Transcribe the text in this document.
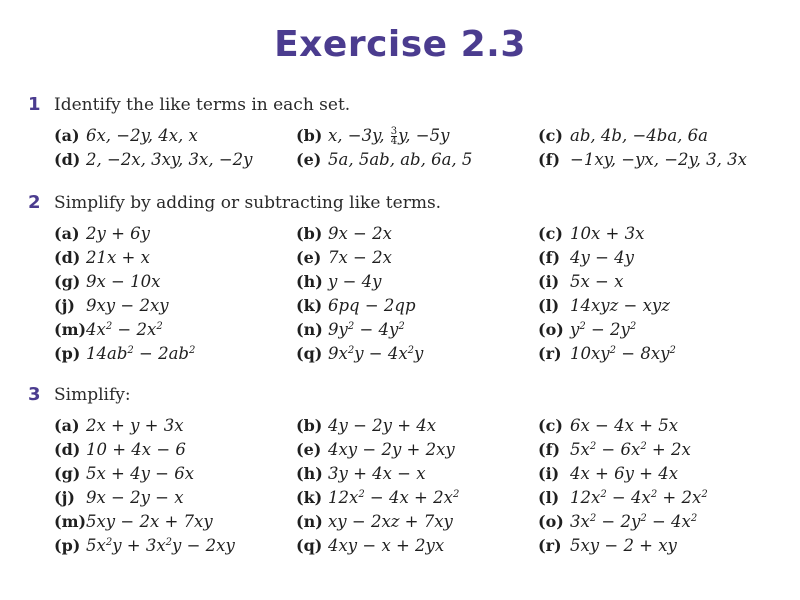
Exercise 2.3
1 Identify the like terms in each set.
(a) 6x, −2y, 4x, x	(b) x, −3y, $\frac{3}{4} y$, −5y	(c) ab, 4b, −4ba, 6a
(d) 2, −2x, 3xy, 3x, −2y	(e) 5a, 5ab, ab, 6a, 5	(f) −1xy, −yx, −2y, 3, 3x
2 Simplify by adding or subtracting like terms.
(a) 2y + 6y	(b) 9x − 2x	(c) 10x + 3x
(d) 21x + x	(e) 7x − 2x	(f) 4y − 4y
(g) 9x − 10x	(h) y − 4y	(i) 5x − x
(j) 9xy − 2xy	(k) 6pq − 2qp	(l) 14xyz − xyz
(m) $4x^2 - 2x^2$	(n) $9y^2 - 4y^2$	(o) $y^2 - 2y^2$
(p) $14ab^2 - 2ab^2$	(q) $9x^2y - 4x^2y$	(r) $10xy^2 - 8xy^2$
3 Simplify:
(a) 2x + y + 3x	(b) 4y − 2y + 4x	(c) 6x − 4x + 5x
(d) 10 + 4x − 6	(e) 4xy − 2y + 2xy	(f) $5x^2 - 6x^2 + 2x$
(g) 5x + 4y − 6x	(h) 3y + 4x − x	(i) 4x + 6y + 4x
(j) 9x − 2y − x	(k) $12x^2 - 4x + 2x^2$	(l) $12x^2 - 4x^2 + 2x^2$
(m) 5xy − 2x + 7xy	(n) xy − 2xz + 7xy	(o) $3x^2 - 2y^2 - 4x^2$
(p) $5x^2y + 3x^2y - 2xy$	(q) 4xy − x + 2yx	(r) 5xy − 2 + xy
